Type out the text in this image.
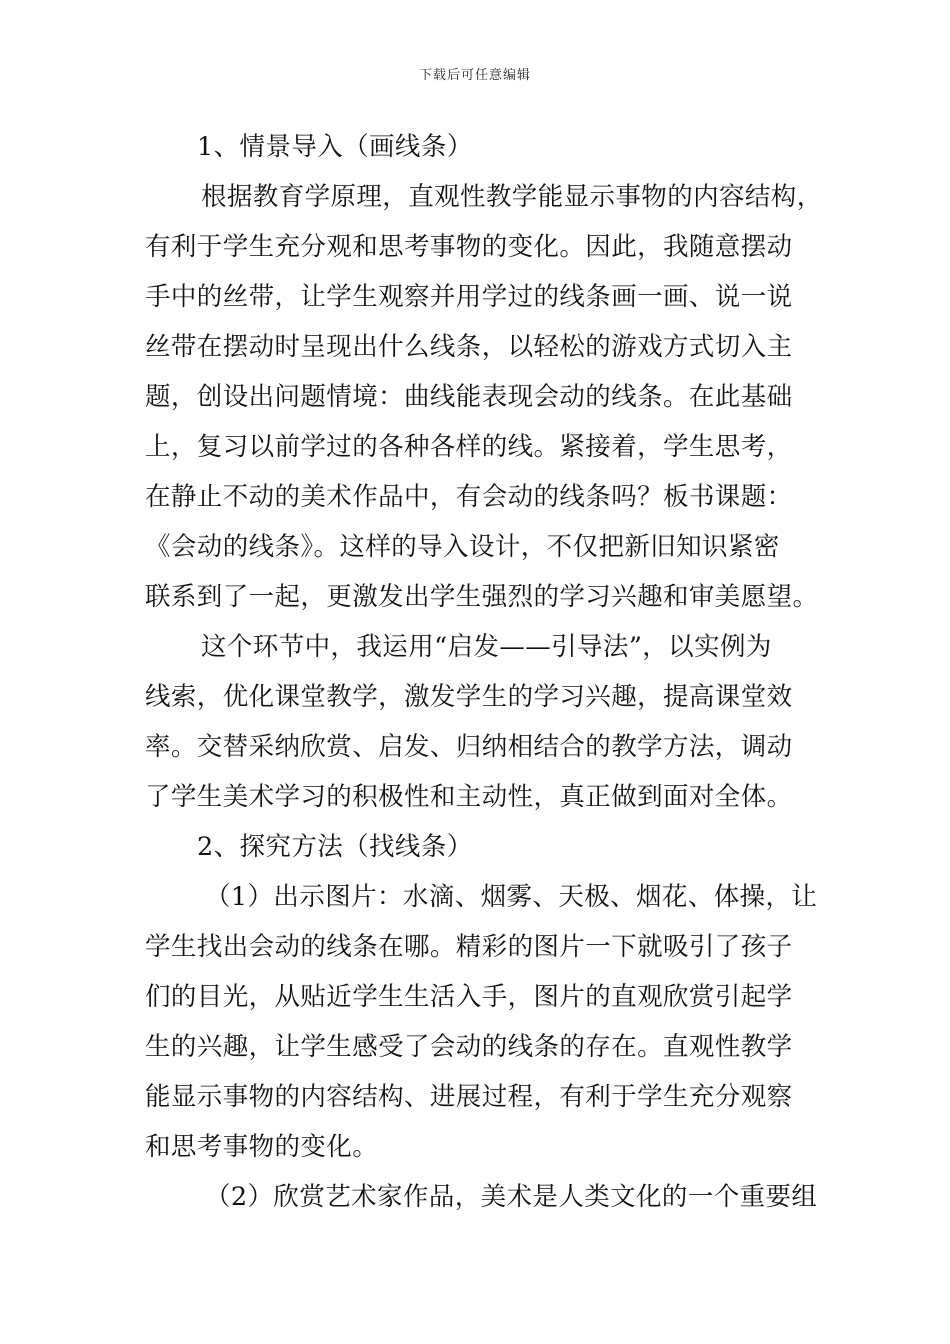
下载后可任意编辑
1、情景导入（画线条）
根据教育学原理，直观性教学能显示事物的内容结构，
有利于学生充分观和思考事物的变化。因此，我随意摆动
手中的丝带，让学生观察并用学过的线条画一画、说一说
丝带在摆动时呈现出什么线条，以轻松的游戏方式切入主
题，创设出问题情境：曲线能表现会动的线条。在此基础
上，复习以前学过的各种各样的线。紧接着，学生思考，
在静止不动的美术作品中，有会动的线条吗？板书课题：
《会动的线条》。这样的导入设计，不仅把新旧知识紧密
联系到了一起，更激发出学生强烈的学习兴趣和审美愿望。
这个环节中，我运用“启发——引导法”，以实例为
线索，优化课堂教学，激发学生的学习兴趣，提高课堂效
率。交替采纳欣赏、启发、归纳相结合的教学方法，调动
了学生美术学习的积极性和主动性，真正做到面对全体。
2、探究方法（找线条）
（1）出示图片：水滴、烟雾、天极、烟花、体操，让
学生找出会动的线条在哪。精彩的图片一下就吸引了孩子
们的目光，从贴近学生生活入手，图片的直观欣赏引起学
生的兴趣，让学生感受了会动的线条的存在。直观性教学
能显示事物的内容结构、进展过程，有利于学生充分观察
和思考事物的变化。
（2）欣赏艺术家作品，美术是人类文化的一个重要组
